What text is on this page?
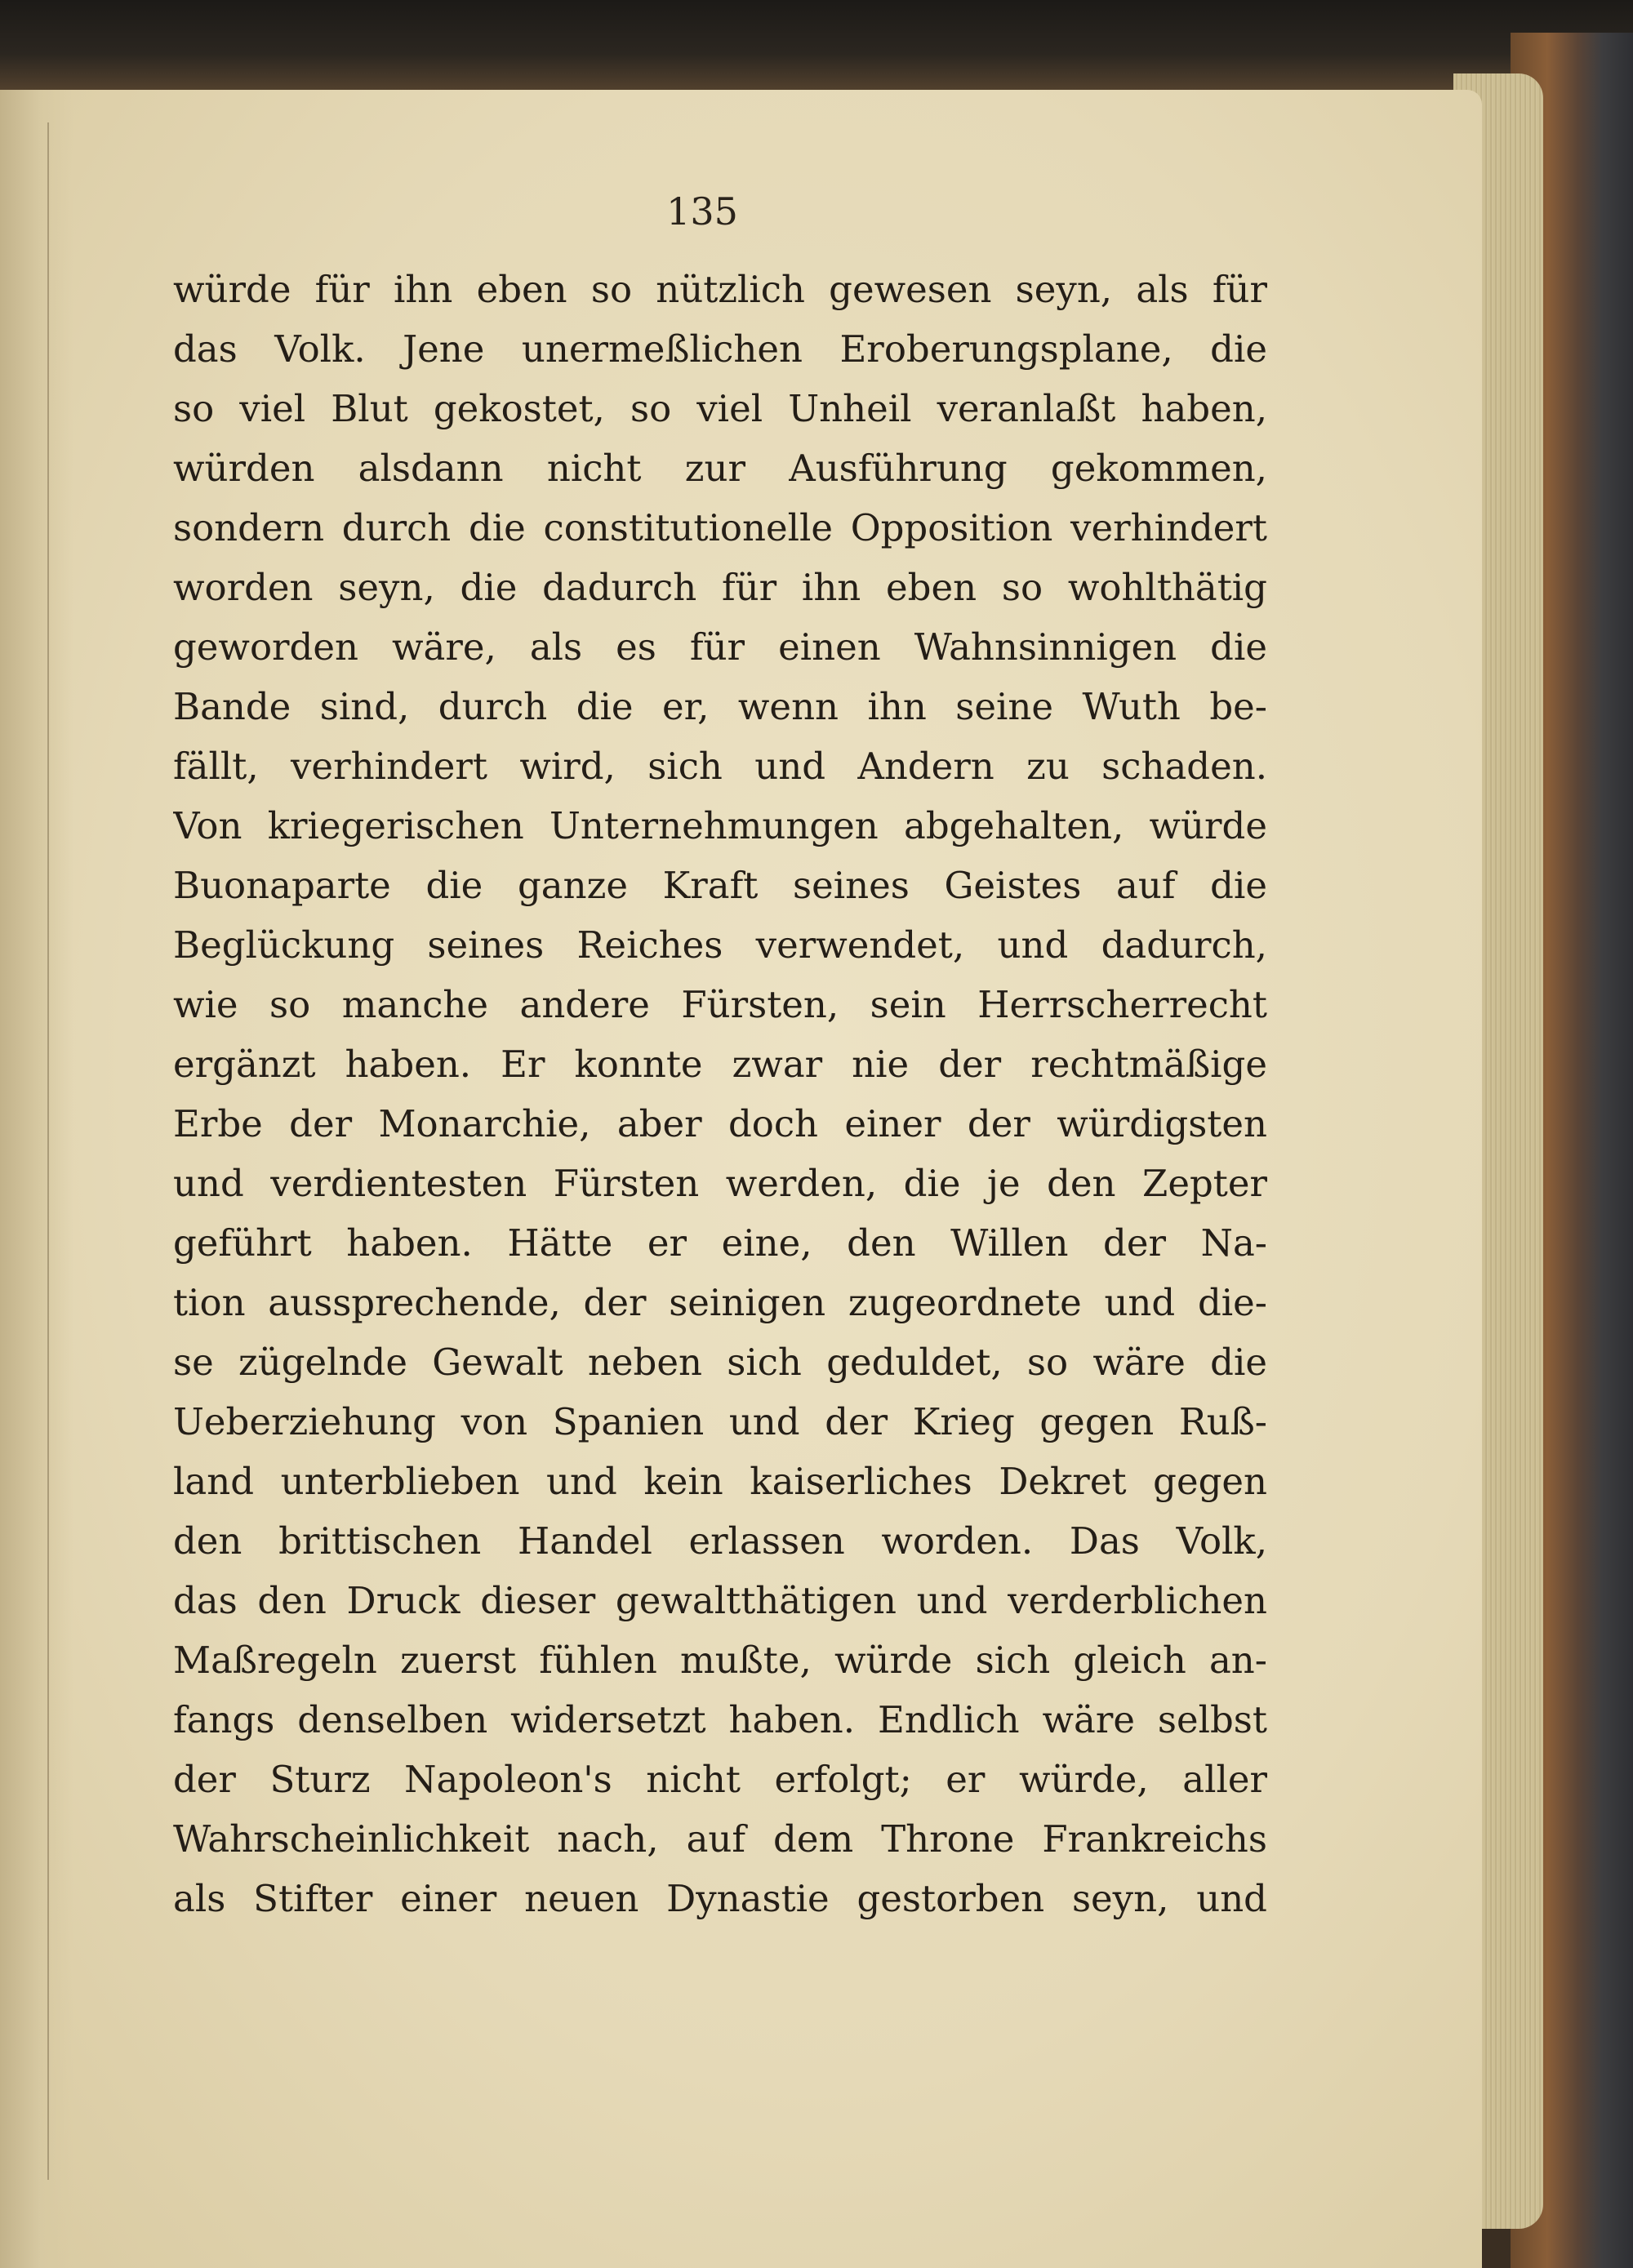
135
würde für ihn eben so nützlich gewesen seyn, als für
das Volk. Jene unermeßlichen Eroberungsplane, die
so viel Blut gekostet, so viel Unheil veranlaßt haben,
würden alsdann nicht zur Ausführung gekommen,
sondern durch die constitutionelle Opposition verhindert
worden seyn, die dadurch für ihn eben so wohlthätig
geworden wäre, als es für einen Wahnsinnigen die
Bande sind, durch die er, wenn ihn seine Wuth be-
fällt, verhindert wird, sich und Andern zu schaden.
Von kriegerischen Unternehmungen abgehalten, würde
Buonaparte die ganze Kraft seines Geistes auf die
Beglückung seines Reiches verwendet, und dadurch,
wie so manche andere Fürsten, sein Herrscherrecht
ergänzt haben. Er konnte zwar nie der rechtmäßige
Erbe der Monarchie, aber doch einer der würdigsten
und verdientesten Fürsten werden, die je den Zepter
geführt haben. Hätte er eine, den Willen der Na-
tion aussprechende, der seinigen zugeordnete und die-
se zügelnde Gewalt neben sich geduldet, so wäre die
Ueberziehung von Spanien und der Krieg gegen Ruß-
land unterblieben und kein kaiserliches Dekret gegen
den brittischen Handel erlassen worden. Das Volk,
das den Druck dieser gewaltthätigen und verderblichen
Maßregeln zuerst fühlen mußte, würde sich gleich an-
fangs denselben widersetzt haben. Endlich wäre selbst
der Sturz Napoleon's nicht erfolgt; er würde, aller
Wahrscheinlichkeit nach, auf dem Throne Frankreichs
als Stifter einer neuen Dynastie gestorben seyn, und
